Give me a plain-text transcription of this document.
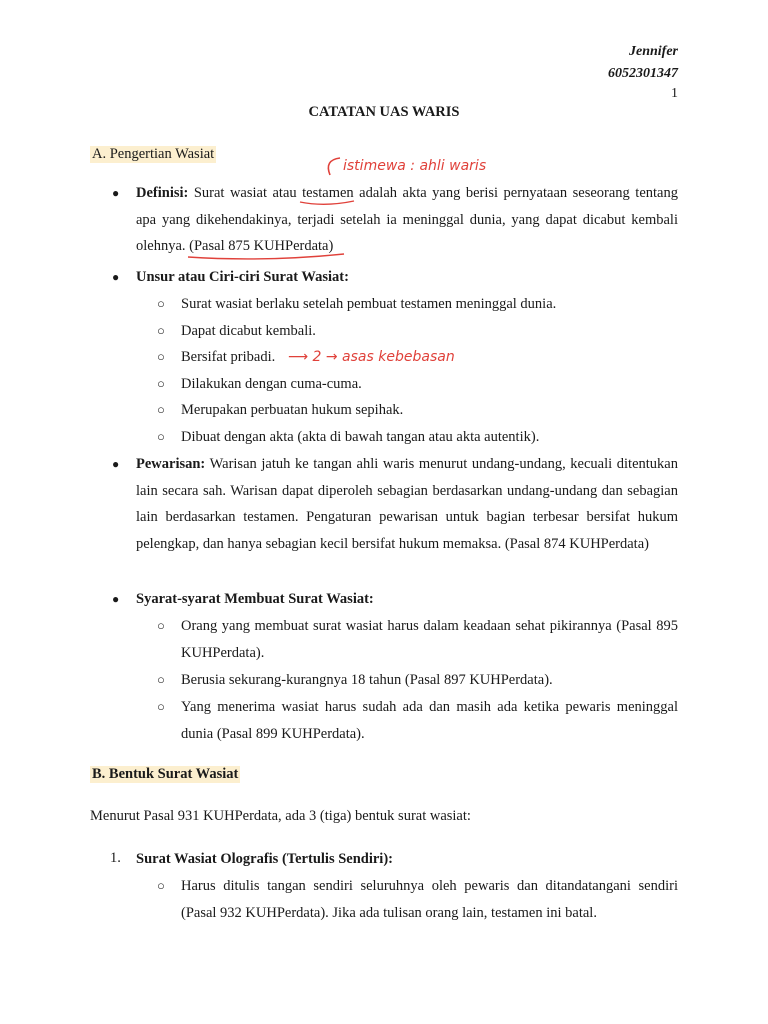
Jennifer
6052301347
1
CATATAN UAS WARIS
A. Pengertian Wasiat
● Definisi: Surat wasiat atau testamen adalah akta yang berisi pernyataan seseorang tentang apa yang dikehendakinya, terjadi setelah ia meninggal dunia, yang dapat dicabut kembali olehnya. (Pasal 875 KUHPerdata)
● Unsur atau Ciri-ciri Surat Wasiat:
○ Surat wasiat berlaku setelah pembuat testamen meninggal dunia.
○ Dapat dicabut kembali.
○ Bersifat pribadi.
○ Dilakukan dengan cuma-cuma.
○ Merupakan perbuatan hukum sepihak.
○ Dibuat dengan akta (akta di bawah tangan atau akta autentik).
● Pewarisan: Warisan jatuh ke tangan ahli waris menurut undang-undang, kecuali ditentukan lain secara sah. Warisan dapat diperoleh sebagian berdasarkan undang-undang dan sebagian lain berdasarkan testamen. Pengaturan pewarisan untuk bagian terbesar bersifat hukum pelengkap, dan hanya sebagian kecil bersifat hukum memaksa. (Pasal 874 KUHPerdata)
● Syarat-syarat Membuat Surat Wasiat:
○ Orang yang membuat surat wasiat harus dalam keadaan sehat pikirannya (Pasal 895 KUHPerdata).
○ Berusia sekurang-kurangnya 18 tahun (Pasal 897 KUHPerdata).
○ Yang menerima wasiat harus sudah ada dan masih ada ketika pewaris meninggal dunia (Pasal 899 KUHPerdata).
B. Bentuk Surat Wasiat
Menurut Pasal 931 KUHPerdata, ada 3 (tiga) bentuk surat wasiat:
1. Surat Wasiat Olografis (Tertulis Sendiri):
○ Harus ditulis tangan sendiri seluruhnya oleh pewaris dan ditandatangani sendiri (Pasal 932 KUHPerdata). Jika ada tulisan orang lain, testamen ini batal.
istimewa : ahli waris
⟶ 2 → asas kebebasan
